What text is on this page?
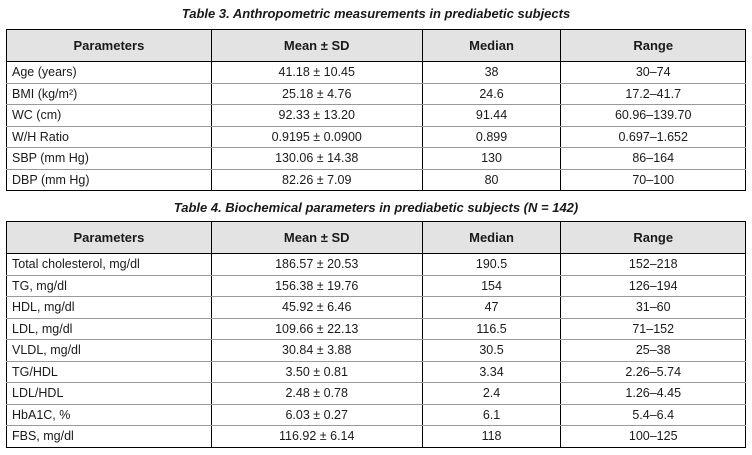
Table 3. Anthropometric measurements in prediabetic subjects
Parameters	Mean ± SD	Median	Range
Age (years)	41.18 ± 10.45	38	30–74
BMI (kg/m²)	25.18 ± 4.76	24.6	17.2–41.7
WC (cm)	92.33 ± 13.20	91.44	60.96–139.70
W/H Ratio	0.9195 ± 0.0900	0.899	0.697–1.652
SBP (mm Hg)	130.06 ± 14.38	130	86–164
DBP (mm Hg)	82.26 ± 7.09	80	70–100
Table 4. Biochemical parameters in prediabetic subjects (N = 142)
Parameters	Mean ± SD	Median	Range
Total cholesterol, mg/dl	186.57 ± 20.53	190.5	152–218
TG, mg/dl	156.38 ± 19.76	154	126–194
HDL, mg/dl	45.92 ± 6.46	47	31–60
LDL, mg/dl	109.66 ± 22.13	116.5	71–152
VLDL, mg/dl	30.84 ± 3.88	30.5	25–38
TG/HDL	3.50 ± 0.81	3.34	2.26–5.74
LDL/HDL	2.48 ± 0.78	2.4	1.26–4.45
HbA1C, %	6.03 ± 0.27	6.1	5.4–6.4
FBS, mg/dl	116.92 ± 6.14	118	100–125
